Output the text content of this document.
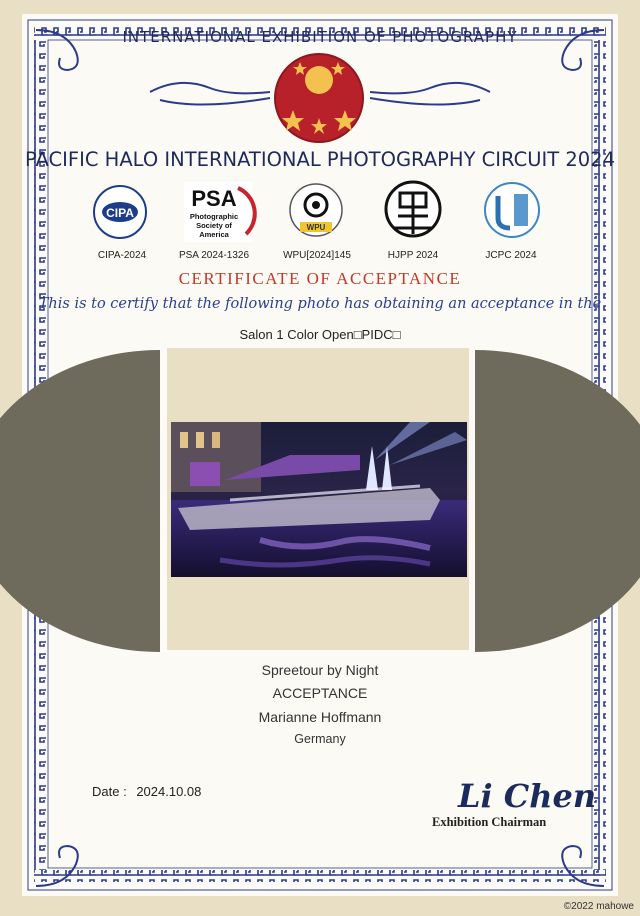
CIPA
PSA
Photographic
Society of
America
WPU
Li Chen
INTERNATIONAL EXHIBITION OF PHOTOGRAPHY
PACIFIC HALO INTERNATIONAL PHOTOGRAPHY CIRCUIT 2024
CIPA-2024	PSA 2024-1326	WPU[2024]145	HJPP 2024	JCPC 2024
CERTIFICATE OF ACCEPTANCE
This is to certify that the following photo has obtaining an acceptance in the
Salon 1 Color Open□PIDC□
Spreetour by Night
ACCEPTANCE
Marianne Hoffmann
Germany
Date : 2024.10.08
Exhibition Chairman
©2022 mahowe
